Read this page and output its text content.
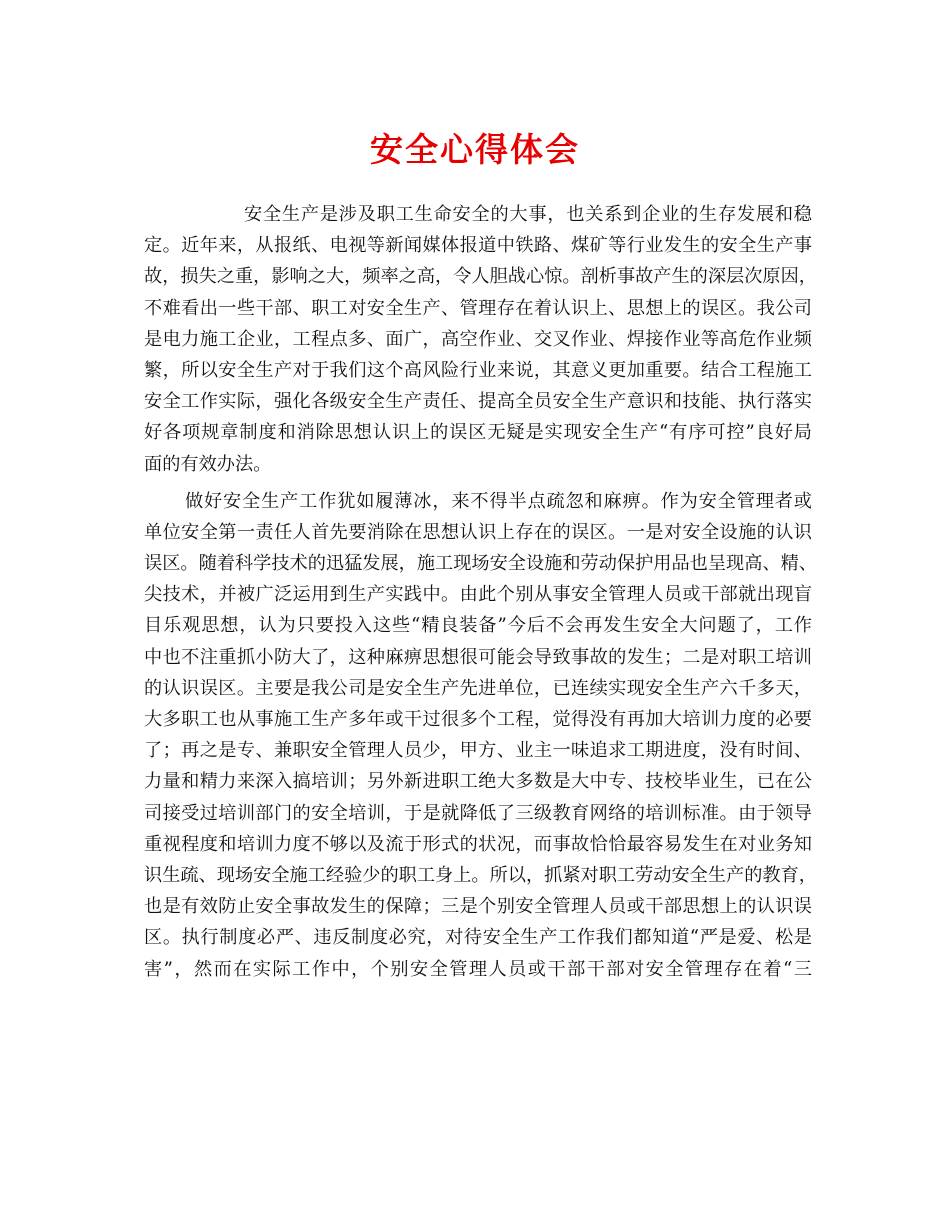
安全心得体会
安全生产是涉及职工生命安全的大事，也关系到企业的生存发展和稳
定。近年来，从报纸、电视等新闻媒体报道中铁路、煤矿等行业发生的安全生产事
故，损失之重，影响之大，频率之高，令人胆战心惊。剖析事故产生的深层次原因，
不难看出一些干部、职工对安全生产、管理存在着认识上、思想上的误区。我公司
是电力施工企业，工程点多、面广，高空作业、交叉作业、焊接作业等高危作业频
繁，所以安全生产对于我们这个高风险行业来说，其意义更加重要。结合工程施工
安全工作实际，强化各级安全生产责任、提高全员安全生产意识和技能、执行落实
好各项规章制度和消除思想认识上的误区无疑是实现安全生产“有序可控”良好局
面的有效办法。
做好安全生产工作犹如履薄冰，来不得半点疏忽和麻痹。作为安全管理者或
单位安全第一责任人首先要消除在思想认识上存在的误区。一是对安全设施的认识
误区。随着科学技术的迅猛发展，施工现场安全设施和劳动保护用品也呈现高、精、
尖技术，并被广泛运用到生产实践中。由此个别从事安全管理人员或干部就出现盲
目乐观思想，认为只要投入这些“精良装备”今后不会再发生安全大问题了，工作
中也不注重抓小防大了，这种麻痹思想很可能会导致事故的发生；二是对职工培训
的认识误区。主要是我公司是安全生产先进单位，已连续实现安全生产六千多天，
大多职工也从事施工生产多年或干过很多个工程，觉得没有再加大培训力度的必要
了；再之是专、兼职安全管理人员少，甲方、业主一味追求工期进度，没有时间、
力量和精力来深入搞培训；另外新进职工绝大多数是大中专、技校毕业生，已在公
司接受过培训部门的安全培训，于是就降低了三级教育网络的培训标准。由于领导
重视程度和培训力度不够以及流于形式的状况，而事故恰恰最容易发生在对业务知
识生疏、现场安全施工经验少的职工身上。所以，抓紧对职工劳动安全生产的教育，
也是有效防止安全事故发生的保障；三是个别安全管理人员或干部思想上的认识误
区。执行制度必严、违反制度必究，对待安全生产工作我们都知道“严是爱、松是
害”，然而在实际工作中，个别安全管理人员或干部干部对安全管理存在着“三
